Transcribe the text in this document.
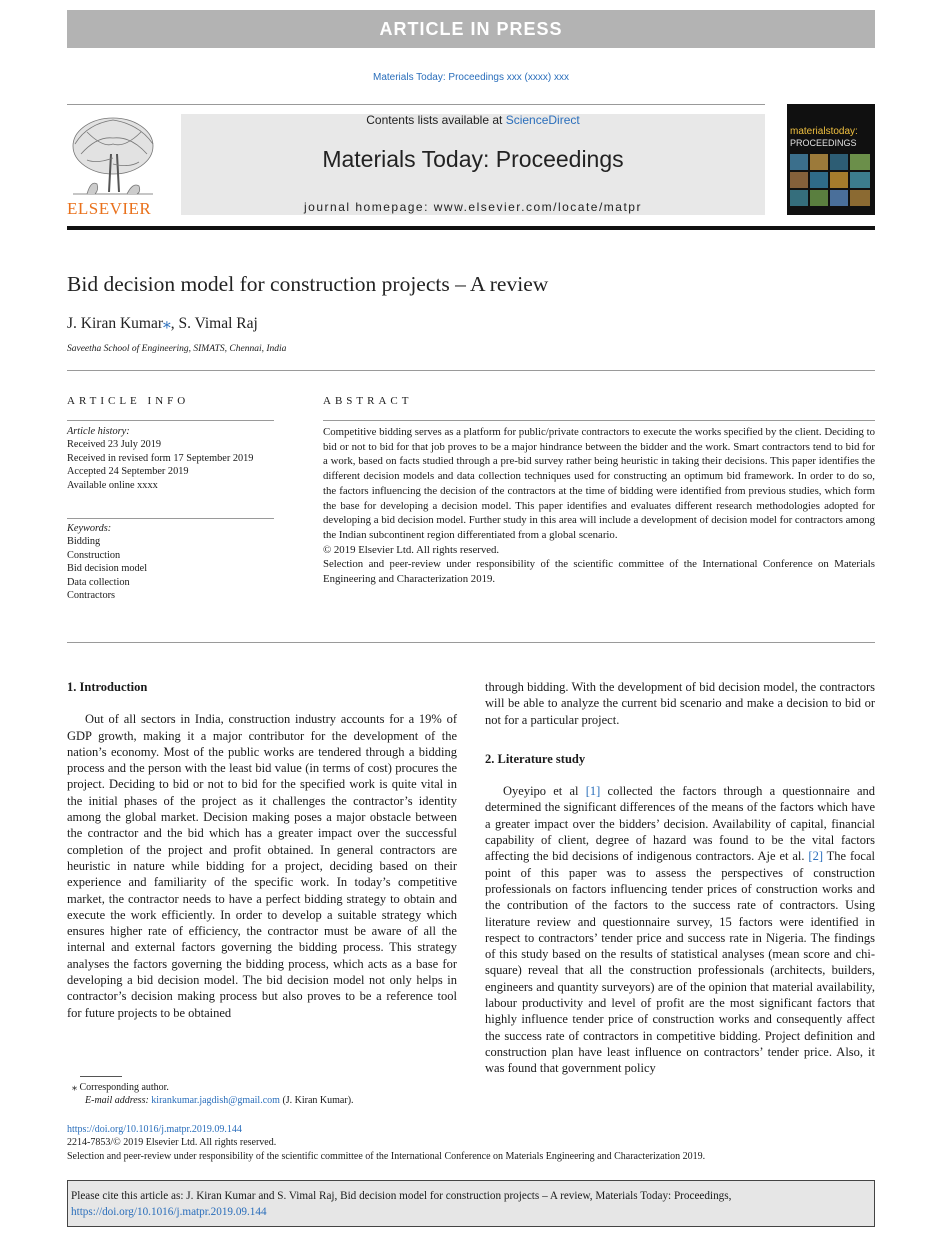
ARTICLE IN PRESS
Materials Today: Proceedings xxx (xxxx) xxx
Contents lists available at ScienceDirect
Materials Today: Proceedings
journal homepage: www.elsevier.com/locate/matpr
ELSEVIER
materialstoday:
PROCEEDINGS
Bid decision model for construction projects – A review
J. Kiran Kumar⁎, S. Vimal Raj
Saveetha School of Engineering, SIMATS, Chennai, India
ARTICLE INFO
Article history:
Received 23 July 2019
Received in revised form 17 September 2019
Accepted 24 September 2019
Available online xxxx
Keywords:
Bidding
Construction
Bid decision model
Data collection
Contractors
ABSTRACT

Competitive bidding serves as a platform for public/private contractors to execute the works specified by the client. Deciding to bid or not to bid for that job proves to be a major hindrance between the bidder and the work. Smart contractors tend to bid for a work, based on facts studied through a pre-bid survey rather being heuristic in taking their decisions. This paper identifies the different decision models and data collection techniques used for constructing an optimum bid framework. In order to do so, the factors influencing the decision of the contractors at the time of bidding were identified from previous studies, which form the base for developing a decision model. This paper identifies and evaluates different research methodologies adopted for developing a bid decision model. Further study in this area will include a development of decision model for contractors among the Indian subcontinent region differentiated from a global scenario.

© 2019 Elsevier Ltd. All rights reserved.

Selection and peer-review under responsibility of the scientific committee of the International Conference on Materials Engineering and Characterization 2019.

1. Introduction

Out of all sectors in India, construction industry accounts for a 19% of GDP growth, making it a major contributor for the development of the nation’s economy. Most of the public works are tendered through a bidding process and the person with the least bid value (in terms of cost) procures the project. Deciding to bid or not to bid for the specified work is quite vital in the initial phases of the project as it challenges the contractor’s identity among the global market. Decision making poses a major obstacle between the contractor and the bid which has a greater impact over the successful completion of the project and profit obtained. In general contractors are heuristic in nature while bidding for a project, deciding based on their experience and familiarity of the specific work. In today’s competitive market, the contractor needs to have a perfect bidding strategy to obtain and execute the work efficiently. In order to develop a suitable strategy which ensures higher rate of efficiency, the contractor must be aware of all the internal and external factors governing the bidding process. This strategy analyses the factors governing the bidding process, which acts as a base for developing a bid decision model. The bid decision model not only helps in contractor’s decision making process but also proves to be a reference tool for future projects to be obtained

⁎ Corresponding author.
E-mail address: kirankumar.jagdish@gmail.com (J. Kiran Kumar).

through bidding. With the development of bid decision model, the contractors will be able to analyze the current bid scenario and make a decision to bid or not for a particular project.

2. Literature study

Oyeyipo et al [1] collected the factors through a questionnaire and determined the significant differences of the means of the factors which have a greater impact over the bidders’ decision. Availability of capital, financial capability of client, degree of hazard was found to be the vital factors affecting the bid decisions of indigenous contractors. Aje et al. [2] The focal point of this paper was to assess the perspectives of construction professionals on factors influencing tender prices of construction works and the contribution of the factors to the success rate of contractors. Using literature review and questionnaire survey, 15 factors were identified in respect to contractors’ tender price and success rate in Nigeria. The findings of this study based on the results of statistical analyses (mean score and chi-square) reveal that all the construction professionals (architects, builders, engineers and quantity surveyors) are of the opinion that material availability, labour productivity and level of profit are the most significant factors that highly influence tender price of construction works and consequently affect the success rate of contractors in competitive bidding. Project definition and construction plan have least influence on contractors’ tender price. Also, it was found that government policy

https://doi.org/10.1016/j.matpr.2019.09.144
2214-7853/© 2019 Elsevier Ltd. All rights reserved.
Selection and peer-review under responsibility of the scientific committee of the International Conference on Materials Engineering and Characterization 2019.
Please cite this article as: J. Kiran Kumar and S. Vimal Raj, Bid decision model for construction projects – A review, Materials Today: Proceedings, https://doi.org/10.1016/j.matpr.2019.09.144
